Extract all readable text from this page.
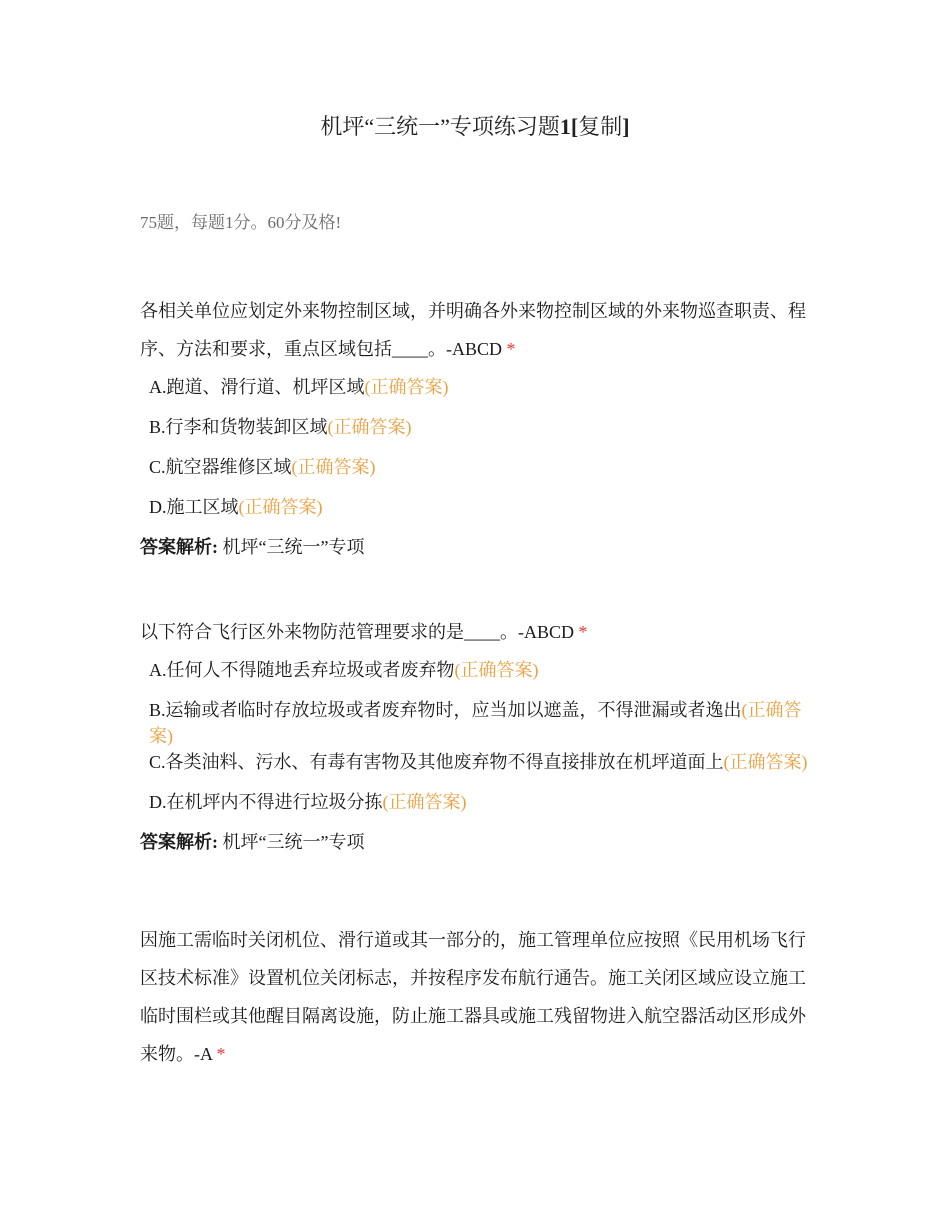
机坪“三统一”专项练习题1[复制]
75题，每题1分。60分及格!

各相关单位应划定外来物控制区域，并明确各外来物控制区域的外来物巡查职责、程序、方法和要求，重点区域包括____。-ABCD *

A.跑道、滑行道、机坪区域(正确答案)
B.行李和货物装卸区域(正确答案)
C.航空器维修区域(正确答案)
D.施工区域(正确答案)
答案解析: 机坪“三统一”专项

以下符合飞行区外来物防范管理要求的是____。-ABCD *

A.任何人不得随地丢弃垃圾或者废弃物(正确答案)
B.运输或者临时存放垃圾或者废弃物时，应当加以遮盖，不得泄漏或者逸出(正确答案)
C.各类油料、污水、有毒有害物及其他废弃物不得直接排放在机坪道面上(正确答案)
D.在机坪内不得进行垃圾分拣(正确答案)
答案解析: 机坪“三统一”专项

因施工需临时关闭机位、滑行道或其一部分的，施工管理单位应按照《民用机场飞行区技术标准》设置机位关闭标志，并按程序发布航行通告。施工关闭区域应设立施工临时围栏或其他醒目隔离设施，防止施工器具或施工残留物进入航空器活动区形成外来物。-A *
